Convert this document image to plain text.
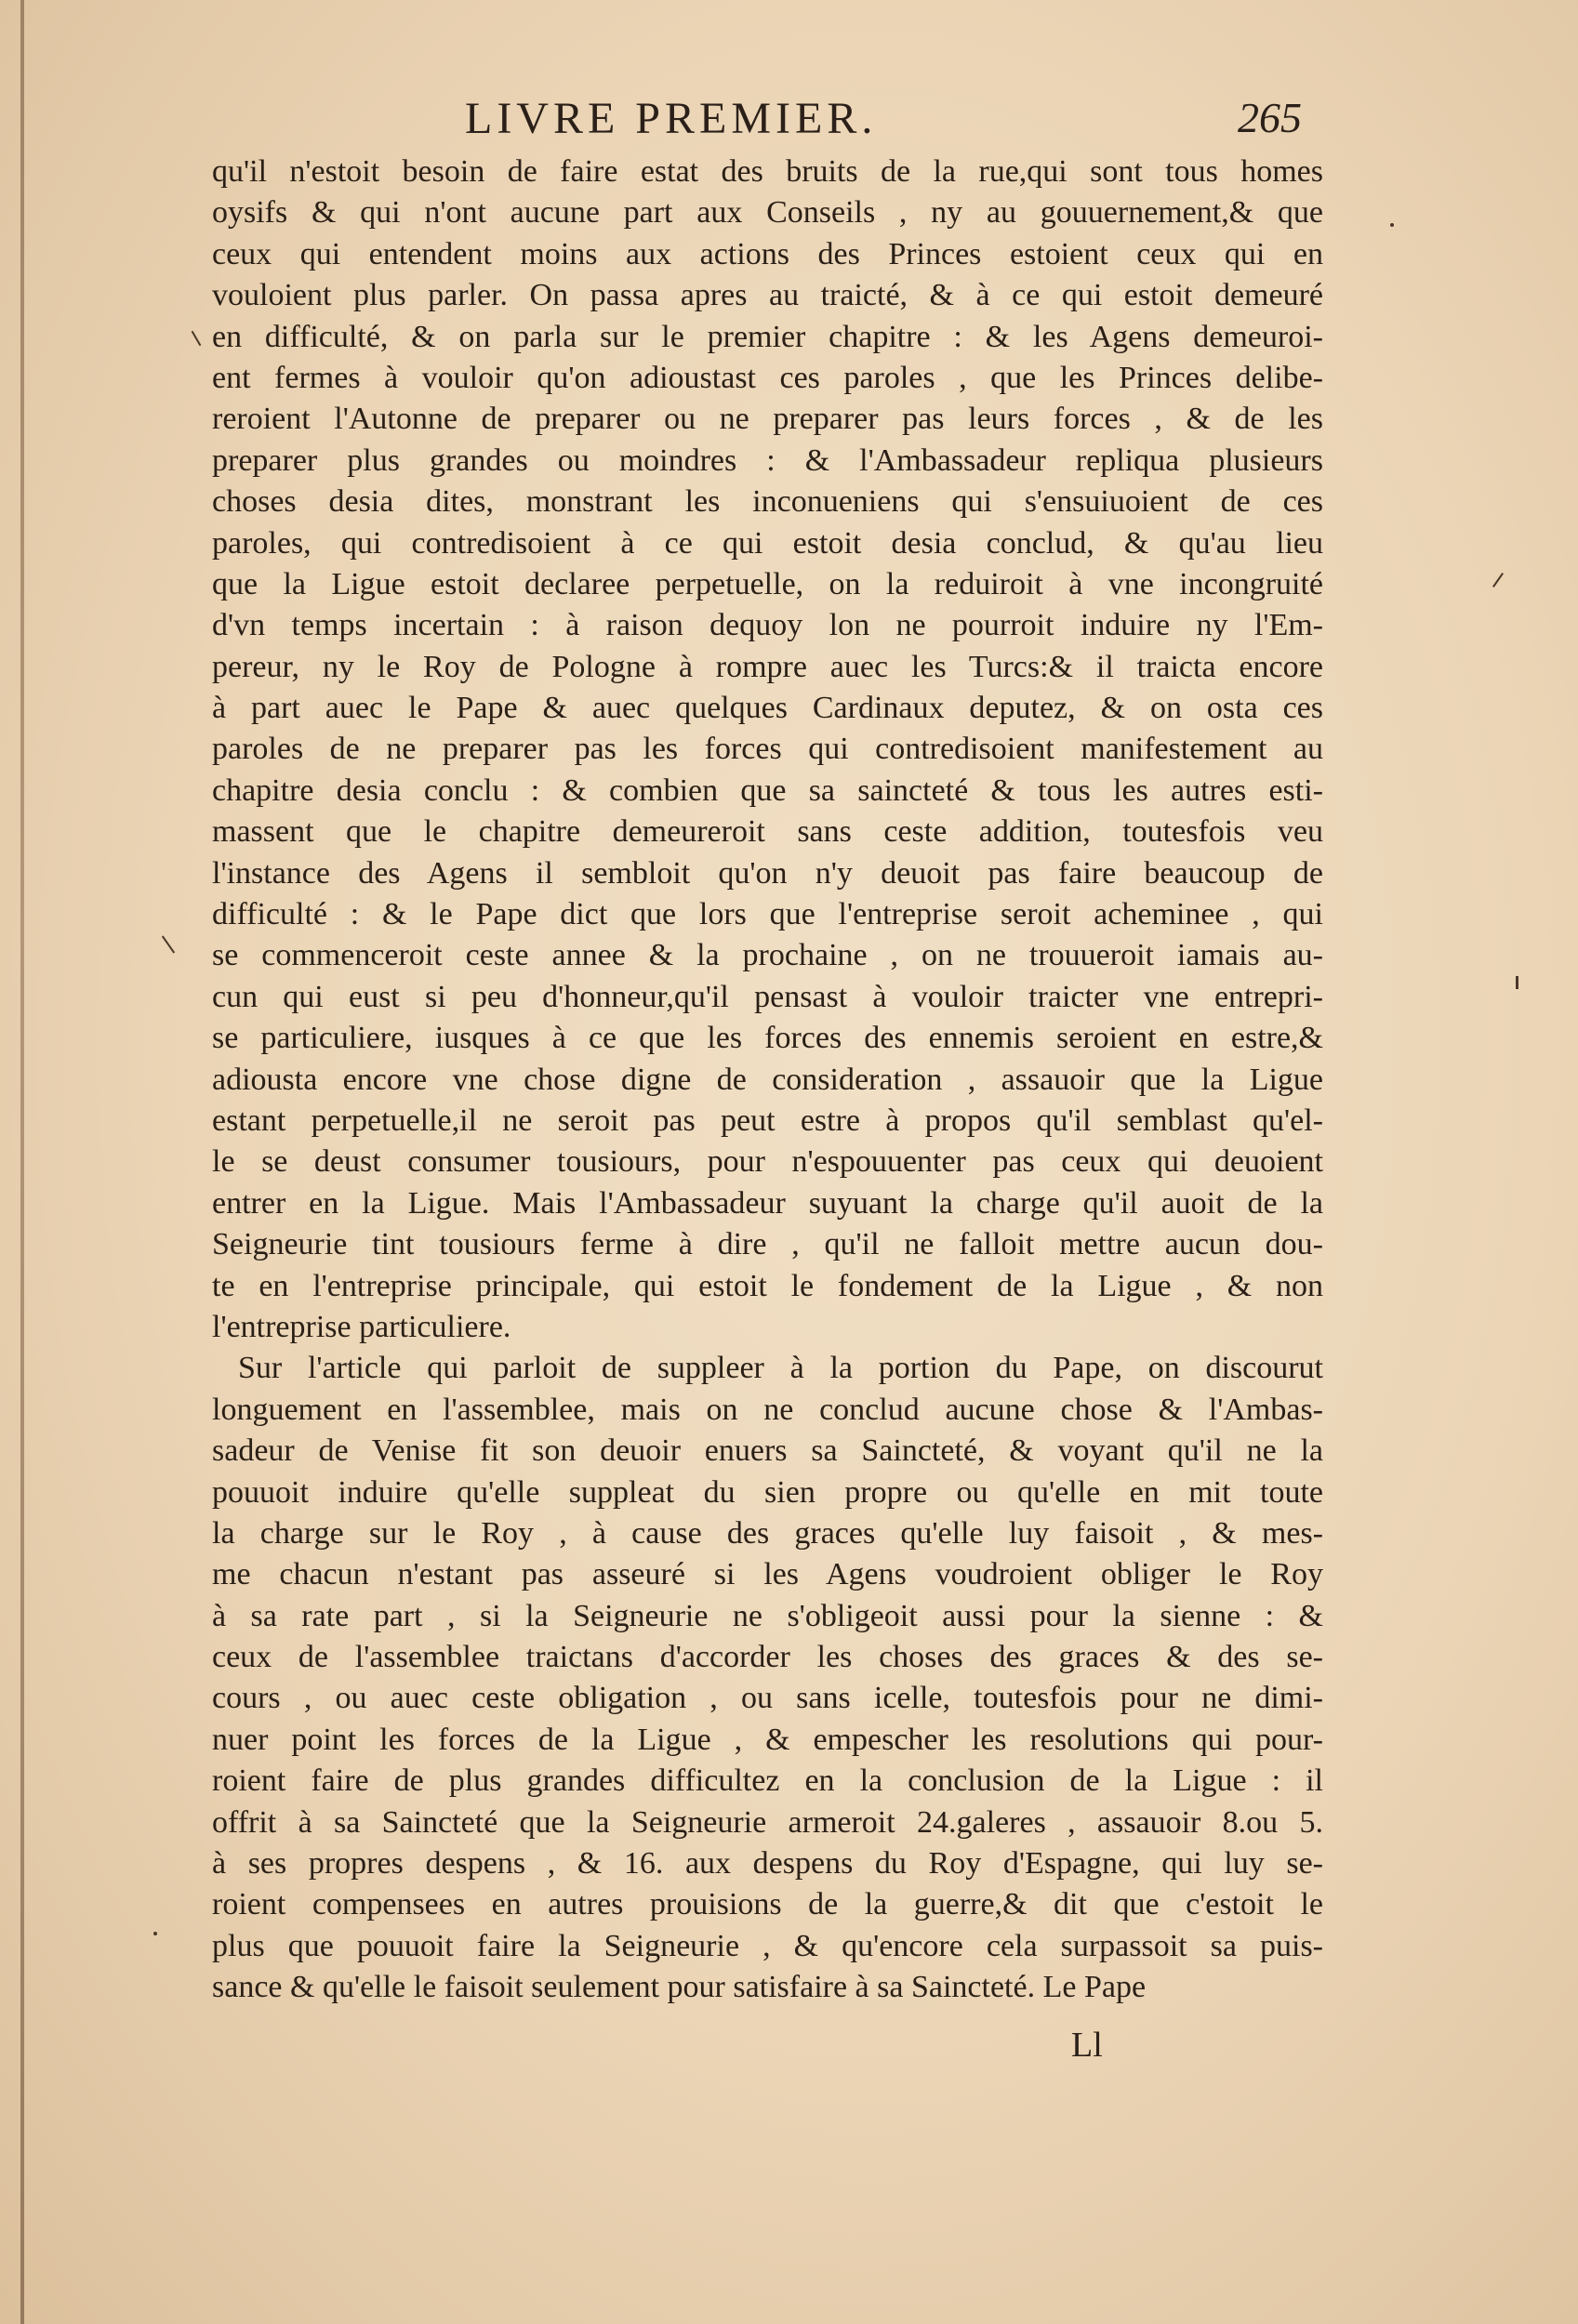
LIVRE PREMIER.	265
qu'il n'estoit besoin de faire estat des bruits de la rue,qui sont tous homes
oysifs & qui n'ont aucune part aux Conseils , ny au gouuernement,& que
ceux qui entendent moins aux actions des Princes estoient ceux qui en
vouloient plus parler. On passa apres au traicté, & à ce qui estoit demeuré
en difficulté, & on parla sur le premier chapitre : & les Agens demeuroi-
ent fermes à vouloir qu'on adioustast ces paroles , que les Princes delibe-
reroient l'Autonne de preparer ou ne preparer pas leurs forces , & de les
preparer plus grandes ou moindres : & l'Ambassadeur repliqua plusieurs
choses desia dites, monstrant les inconueniens qui s'ensuiuoient de ces
paroles, qui contredisoient à ce qui estoit desia conclud, & qu'au lieu
que la Ligue estoit declaree perpetuelle, on la reduiroit à vne incongruité
d'vn temps incertain : à raison dequoy lon ne pourroit induire ny l'Em-
pereur, ny le Roy de Pologne à rompre auec les Turcs:& il traicta encore
à part auec le Pape & auec quelques Cardinaux deputez, & on osta ces
paroles de ne preparer pas les forces qui contredisoient manifestement au
chapitre desia conclu : & combien que sa saincteté & tous les autres esti-
massent que le chapitre demeureroit sans ceste addition, toutesfois veu
l'instance des Agens il sembloit qu'on n'y deuoit pas faire beaucoup de
difficulté : & le Pape dict que lors que l'entreprise seroit acheminee , qui
se commenceroit ceste annee & la prochaine , on ne trouueroit iamais au-
cun qui eust si peu d'honneur,qu'il pensast à vouloir traicter vne entrepri-
se particuliere, iusques à ce que les forces des ennemis seroient en estre,&
adiousta encore vne chose digne de consideration , assauoir que la Ligue
estant perpetuelle,il ne seroit pas peut estre à propos qu'il semblast qu'el-
le se deust consumer tousiours, pour n'espouuenter pas ceux qui deuoient
entrer en la Ligue. Mais l'Ambassadeur suyuant la charge qu'il auoit de la
Seigneurie tint tousiours ferme à dire , qu'il ne falloit mettre aucun dou-
te en l'entreprise principale, qui estoit le fondement de la Ligue , & non
l'entreprise particuliere.
Sur l'article qui parloit de suppleer à la portion du Pape, on discourut
longuement en l'assemblee, mais on ne conclud aucune chose & l'Ambas-
sadeur de Venise fit son deuoir enuers sa Saincteté, & voyant qu'il ne la
pouuoit induire qu'elle suppleat du sien propre ou qu'elle en mit toute
la charge sur le Roy , à cause des graces qu'elle luy faisoit , & mes-
me chacun n'estant pas asseuré si les Agens voudroient obliger le Roy
à sa rate part , si la Seigneurie ne s'obligeoit aussi pour la sienne : &
ceux de l'assemblee traictans d'accorder les choses des graces & des se-
cours , ou auec ceste obligation , ou sans icelle, toutesfois pour ne dimi-
nuer point les forces de la Ligue , & empescher les resolutions qui pour-
roient faire de plus grandes difficultez en la conclusion de la Ligue : il
offrit à sa Saincteté que la Seigneurie armeroit 24.galeres , assauoir 8.ou 5.
à ses propres despens , & 16. aux despens du Roy d'Espagne, qui luy se-
roient compensees en autres prouisions de la guerre,& dit que c'estoit le
plus que pouuoit faire la Seigneurie , & qu'encore cela surpassoit sa puis-
sance & qu'elle le faisoit seulement pour satisfaire à sa Saincteté. Le Pape
Ll
